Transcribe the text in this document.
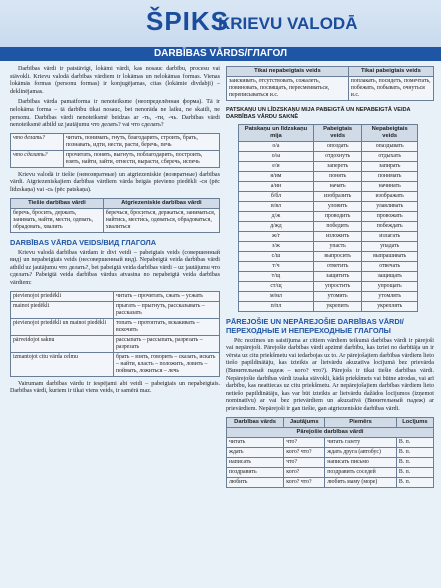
ŠPIKS
KRIEVU VALODĀ
DARBĪBAS VĀRDS/ГЛАГОЛ

Darbības vārdi ir patstāvīgi, lokāmi vārdi, kas nosauc darbību, procesu vai stāvokli. Krievu valodā darbības vārdiem ir lokāmas un nelokāmas formas. Vienas lokāmās formas (personu formas) ir konjugējamas, citas (lokāmie divdabji) – deklinējamas.

Darbības vārda pamatforma ir nenoteiksme (неопределённая форма). Tā ir nelokāma forma – tā darbību tikai nosauc, bet nenorāda ne laiku, ne skaitli, ne personu. Darbības vārdi nenoteiksmē beidzas ar -ть, -ти, -чь. Darbības vārdi nenoteiksmē atbild uz jautājumu что делать? vai что сделать?

что делать?	читать, понимать, гнуть, благодарить, строить, брать, познавать, идти, нести, расти, беречь, печь
что сделать?	прочитать, понять, выгнуть, поблагодарить, построить, взять, найти, зайти, отнести, вырасти, сберечь, испечь

Krievu valodā ir tiešie (невозвратные) un atgriezeniskie (возвратные) darbības vārdi. Atgriezeniskajiem darbības vārdiem vārda beigās pievieno piedēkli -ся (pēc līdzskaņa) vai -сь (pēc patskaņa).

Tiešie darbības vārdi	Atgriezeniskie darbības vārdi
беречь, бросить, держать, занимать, найти, мести, одевать, обрадовать, хвалить	беречься, броситься, держаться, заниматься, найтись, мести́сь, одеваться, обрадоваться, хвалиться
DARBĪBAS VĀRDA VEIDS/ВИД ГЛАГОЛА

Krievu valodā darbības vārdam ir divi veidi – pabeigtais veids (совершенный вид) un nepabeigtais veids (несовершенный вид). Nepabeigtā veida darbības vārdi atbild uz jautājumu что делать?, bet pabeigtā veida darbības vārdi – uz jautājumu что сделать? Pabeigtā veida darbības vārdus atvasina no nepabeigtā veida darbības vārdiem:

pievienojot priedēkli	читать – прочитать, сжать – уcжать
mainot piedēkli	прыгать – прыгнуть, рассказывать – рассказать
pievienojot priedēkli un mainot piedēkli	топать – протоптать, вскакивать – вскочить
pārveidojot saknu	рассыпать – рассыпать, разрезать – разрезать
izmantojot citu vārda celmu	брать – взять, говорить – сказать, искать – найти, класть – положить, ловить – поймать, ложиться – лечь

Vairumam darbības vārdu ir iespējami abi veidi – pabeigtais un nepabeigtais. Darbības vārdi, kuriem ir tikai viens veids, ir samērā maz.

Tikai nepabeigtais veids	Tikai pabeigtais veids
заискивать, отсутствовать, сожалеть, повиновать, посвящать, пересмеиваться, переписываться и.с.	поплакать, посидеть, помечтать, побежать, побывать, очнуться и.с.
PATSKAŅU UN LĪDZSKAŅU MIJA PABEIGTĀ UN NEPABEIGTĀ VEIDA DARBĪBAS VĀRDU SAKNĒ
Patskaņu un līdzskaņu mija	Pabeigtais veids	Nepabeigtais veids
о/а	опоздать	опаздывать
о/ы	отдохнуть	отдыхать
е/и	запереть	запирать
я/им	понять	понимать
а/ин	начать	начинать
б/бл	изобразить	изображать
в/вл	уловить	улавливать
д/ж	проводить	провожать
д/жд	победить	побеждать
ж/г	изложить	излагать
з/ж	упасть	упадать
с/ш	выпросить	выпрашивать
т/ч	ответить	отвечать
т/щ	защитить	защищать
ст/щ	упростить	упрощать
м/мл	утомить	утомлять
п/пл	укрепить	укреплять
PĀREJOŠIE UN NEPĀREJOŠIE DARBĪBAS VĀRDI/ ПЕРЕХОДНЫЕ И НЕПЕРЕХОДНЫЕ ГЛАГОЛЫ

Pēc nozīmes un saistījuma ar citiem vārdiem teikumā darbības vārdi ir pārejoši vai nepārejoši. Pārejošie darbības vārdi apzīmē darbību, kas izriet no darbītāja un ir vērsta uz citu priekšmetu vai iedarbojas uz to. Ar pārejošajiem darbības vārdiem lieto tiešo papildinātāju, kas izteikts ar lietvārdu akuzatīva locījumā bez prievārda (Винительный падеж – кого? что?). Pārejošs ir tikai tiešie darbības vārdi. Nepārejošie darbības vārdi izsaka stāvokli, kādā priekšmets vai būtne atrodas, vai arī darbību, kas neattiecas uz citu priekšmetu. Ar nepārejošajiem darbības vārdiem lieto netiešo papildinātāju, kas var būt izteikts ar lietvārdu dažādos locījumos (izņemot nominatīvu) ar vai bez prievārdiem un akuzatīvā (Винительный падеж) ar prievārdiem. Nepārejoši ir gan tiešie, gan atgriezeniskie darbības vārdi.

Darbības vārds	Jautājums	Piemērs	Locījums
Pārejošie darbības vārdi			
читать	что?	читать газету	В. п.
ждать	кого? что?	ждать друга (автобус)	В. п.
написать	что?	написать письмо	В. п.
поздравить	кого?	поздравить соседей	В. п.
любить	кого? что?	любить маму (море)	В. п.
